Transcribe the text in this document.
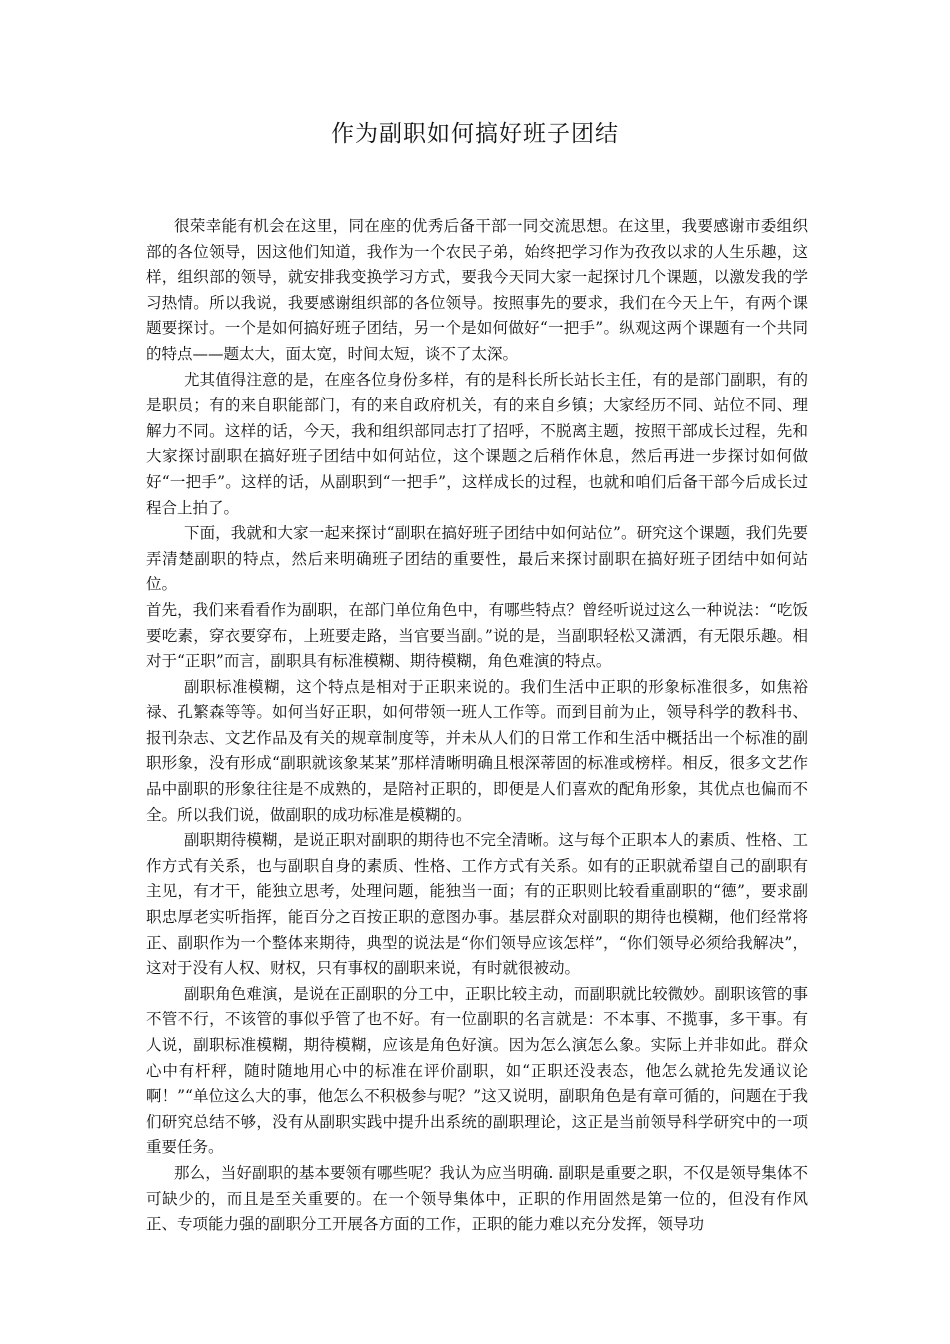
作为副职如何搞好班子团结

很荣幸能有机会在这里，同在座的优秀后备干部一同交流思想。在这里，我要感谢市委组织部的各位领导，因这他们知道，我作为一个农民子弟，始终把学习作为孜孜以求的人生乐趣，这样，组织部的领导，就安排我变换学习方式，要我今天同大家一起探讨几个课题，以激发我的学习热情。所以我说，我要感谢组织部的各位领导。按照事先的要求，我们在今天上午，有两个课题要探讨。一个是如何搞好班子团结，另一个是如何做好“一把手”。纵观这两个课题有一个共同的特点——题太大，面太宽，时间太短，谈不了太深。

尤其值得注意的是，在座各位身份多样，有的是科长所长站长主任，有的是部门副职，有的是职员；有的来自职能部门，有的来自政府机关，有的来自乡镇；大家经历不同、站位不同、理解力不同。这样的话，今天，我和组织部同志打了招呼，不脱离主题，按照干部成长过程，先和大家探讨副职在搞好班子团结中如何站位，这个课题之后稍作休息，然后再进一步探讨如何做好“一把手”。这样的话，从副职到“一把手”，这样成长的过程，也就和咱们后备干部今后成长过程合上拍了。

下面，我就和大家一起来探讨“副职在搞好班子团结中如何站位”。研究这个课题，我们先要弄清楚副职的特点，然后来明确班子团结的重要性，最后来探讨副职在搞好班子团结中如何站位。

首先，我们来看看作为副职，在部门单位角色中，有哪些特点？曾经听说过这么一种说法：“吃饭要吃素，穿衣要穿布，上班要走路，当官要当副。”说的是，当副职轻松又潇洒，有无限乐趣。相对于“正职”而言，副职具有标准模糊、期待模糊，角色难演的特点。

副职标准模糊，这个特点是相对于正职来说的。我们生活中正职的形象标准很多，如焦裕禄、孔繁森等等。如何当好正职，如何带领一班人工作等。而到目前为止，领导科学的教科书、报刊杂志、文艺作品及有关的规章制度等，并未从人们的日常工作和生活中概括出一个标准的副职形象，没有形成“副职就该象某某”那样清晰明确且根深蒂固的标准或榜样。相反，很多文艺作品中副职的形象往往是不成熟的，是陪衬正职的，即便是人们喜欢的配角形象，其优点也偏而不全。所以我们说，做副职的成功标准是模糊的。

副职期待模糊，是说正职对副职的期待也不完全清晰。这与每个正职本人的素质、性格、工作方式有关系，也与副职自身的素质、性格、工作方式有关系。如有的正职就希望自己的副职有主见，有才干，能独立思考，处理问题，能独当一面；有的正职则比较看重副职的“德”，要求副职忠厚老实听指挥，能百分之百按正职的意图办事。基层群众对副职的期待也模糊，他们经常将正、副职作为一个整体来期待，典型的说法是“你们领导应该怎样”，“你们领导必须给我解决”，这对于没有人权、财权，只有事权的副职来说，有时就很被动。

副职角色难演，是说在正副职的分工中，正职比较主动，而副职就比较微妙。副职该管的事不管不行，不该管的事似乎管了也不好。有一位副职的名言就是：不本事、不揽事，多干事。有人说，副职标准模糊，期待模糊，应该是角色好演。因为怎么演怎么象。实际上并非如此。群众心中有杆秤，随时随地用心中的标准在评价副职，如“正职还没表态，他怎么就抢先发通议论啊！”“单位这么大的事，他怎么不积极参与呢？”这又说明，副职角色是有章可循的，问题在于我们研究总结不够，没有从副职实践中提升出系统的副职理论，这正是当前领导科学研究中的一项重要任务。

那么，当好副职的基本要领有哪些呢？我认为应当明确. 副职是重要之职，不仅是领导集体不可缺少的，而且是至关重要的。在一个领导集体中，正职的作用固然是第一位的，但没有作风正、专项能力强的副职分工开展各方面的工作，正职的能力难以充分发挥，领导功
